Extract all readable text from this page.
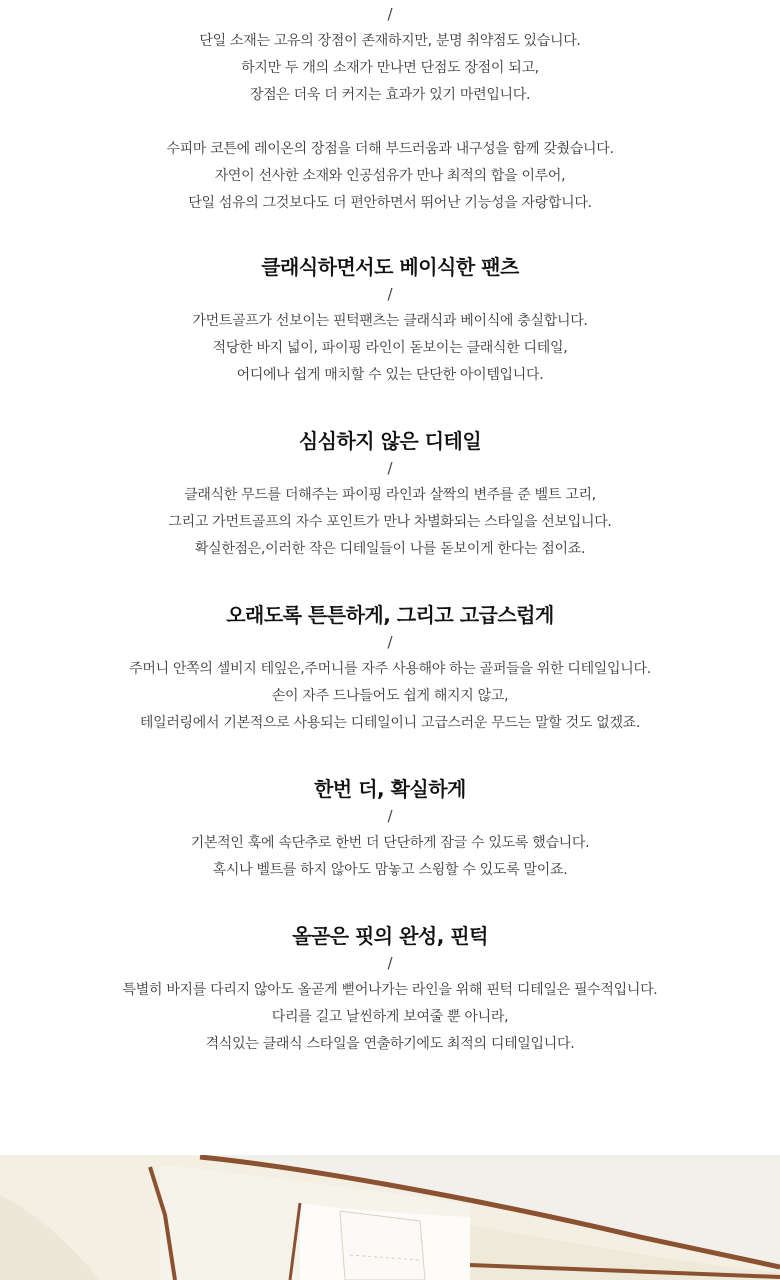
/
단일 소재는 고유의 장점이 존재하지만, 분명 취약점도 있습니다.
하지만 두 개의 소재가 만나면 단점도 장점이 되고,
장점은 더욱 더 커지는 효과가 있기 마련입니다.
수피마 코튼에 레이온의 장점을 더해 부드러움과 내구성을 함께 갖췄습니다.
자연이 선사한 소재와 인공섬유가 만나 최적의 합을 이루어,
단일 섬유의 그것보다도 더 편안하면서 뛰어난 기능성을 자랑합니다.
클래식하면서도 베이식한 팬츠
/
가먼트골프가 선보이는 핀턱팬츠는 클래식과 베이식에 충실합니다.
적당한 바지 넓이, 파이핑 라인이 돋보이는 클래식한 디테일,
어디에나 쉽게 매치할 수 있는 단단한 아이템입니다.
심심하지 않은 디테일
/
클래식한 무드를 더해주는 파이핑 라인과 살짝의 변주를 준 벨트 고리,
그리고 가먼트골프의 자수 포인트가 만나 차별화되는 스타일을 선보입니다.
확실한점은,이러한 작은 디테일들이 나를 돋보이게 한다는 점이죠.
오래도록 튼튼하게, 그리고 고급스럽게
/
주머니 안쪽의 셀비지 테잎은,주머니를 자주 사용해야 하는 골퍼들을 위한 디테일입니다.
손이 자주 드나들어도 쉽게 해지지 않고,
테일러링에서 기본적으로 사용되는 디테일이니 고급스러운 무드는 말할 것도 없겠죠.
한번 더, 확실하게
/
기본적인 훅에 속단추로 한번 더 단단하게 잠글 수 있도록 했습니다.
혹시나 벨트를 하지 않아도 맘놓고 스윙할 수 있도록 말이죠.
올곧은 핏의 완성, 핀턱
/
특별히 바지를 다리지 않아도 올곧게 뻗어나가는 라인을 위해 핀턱 디테일은 필수적입니다.
다리를 길고 날씬하게 보여줄 뿐 아니라,
격식있는 클래식 스타일을 연출하기에도 최적의 디테일입니다.
